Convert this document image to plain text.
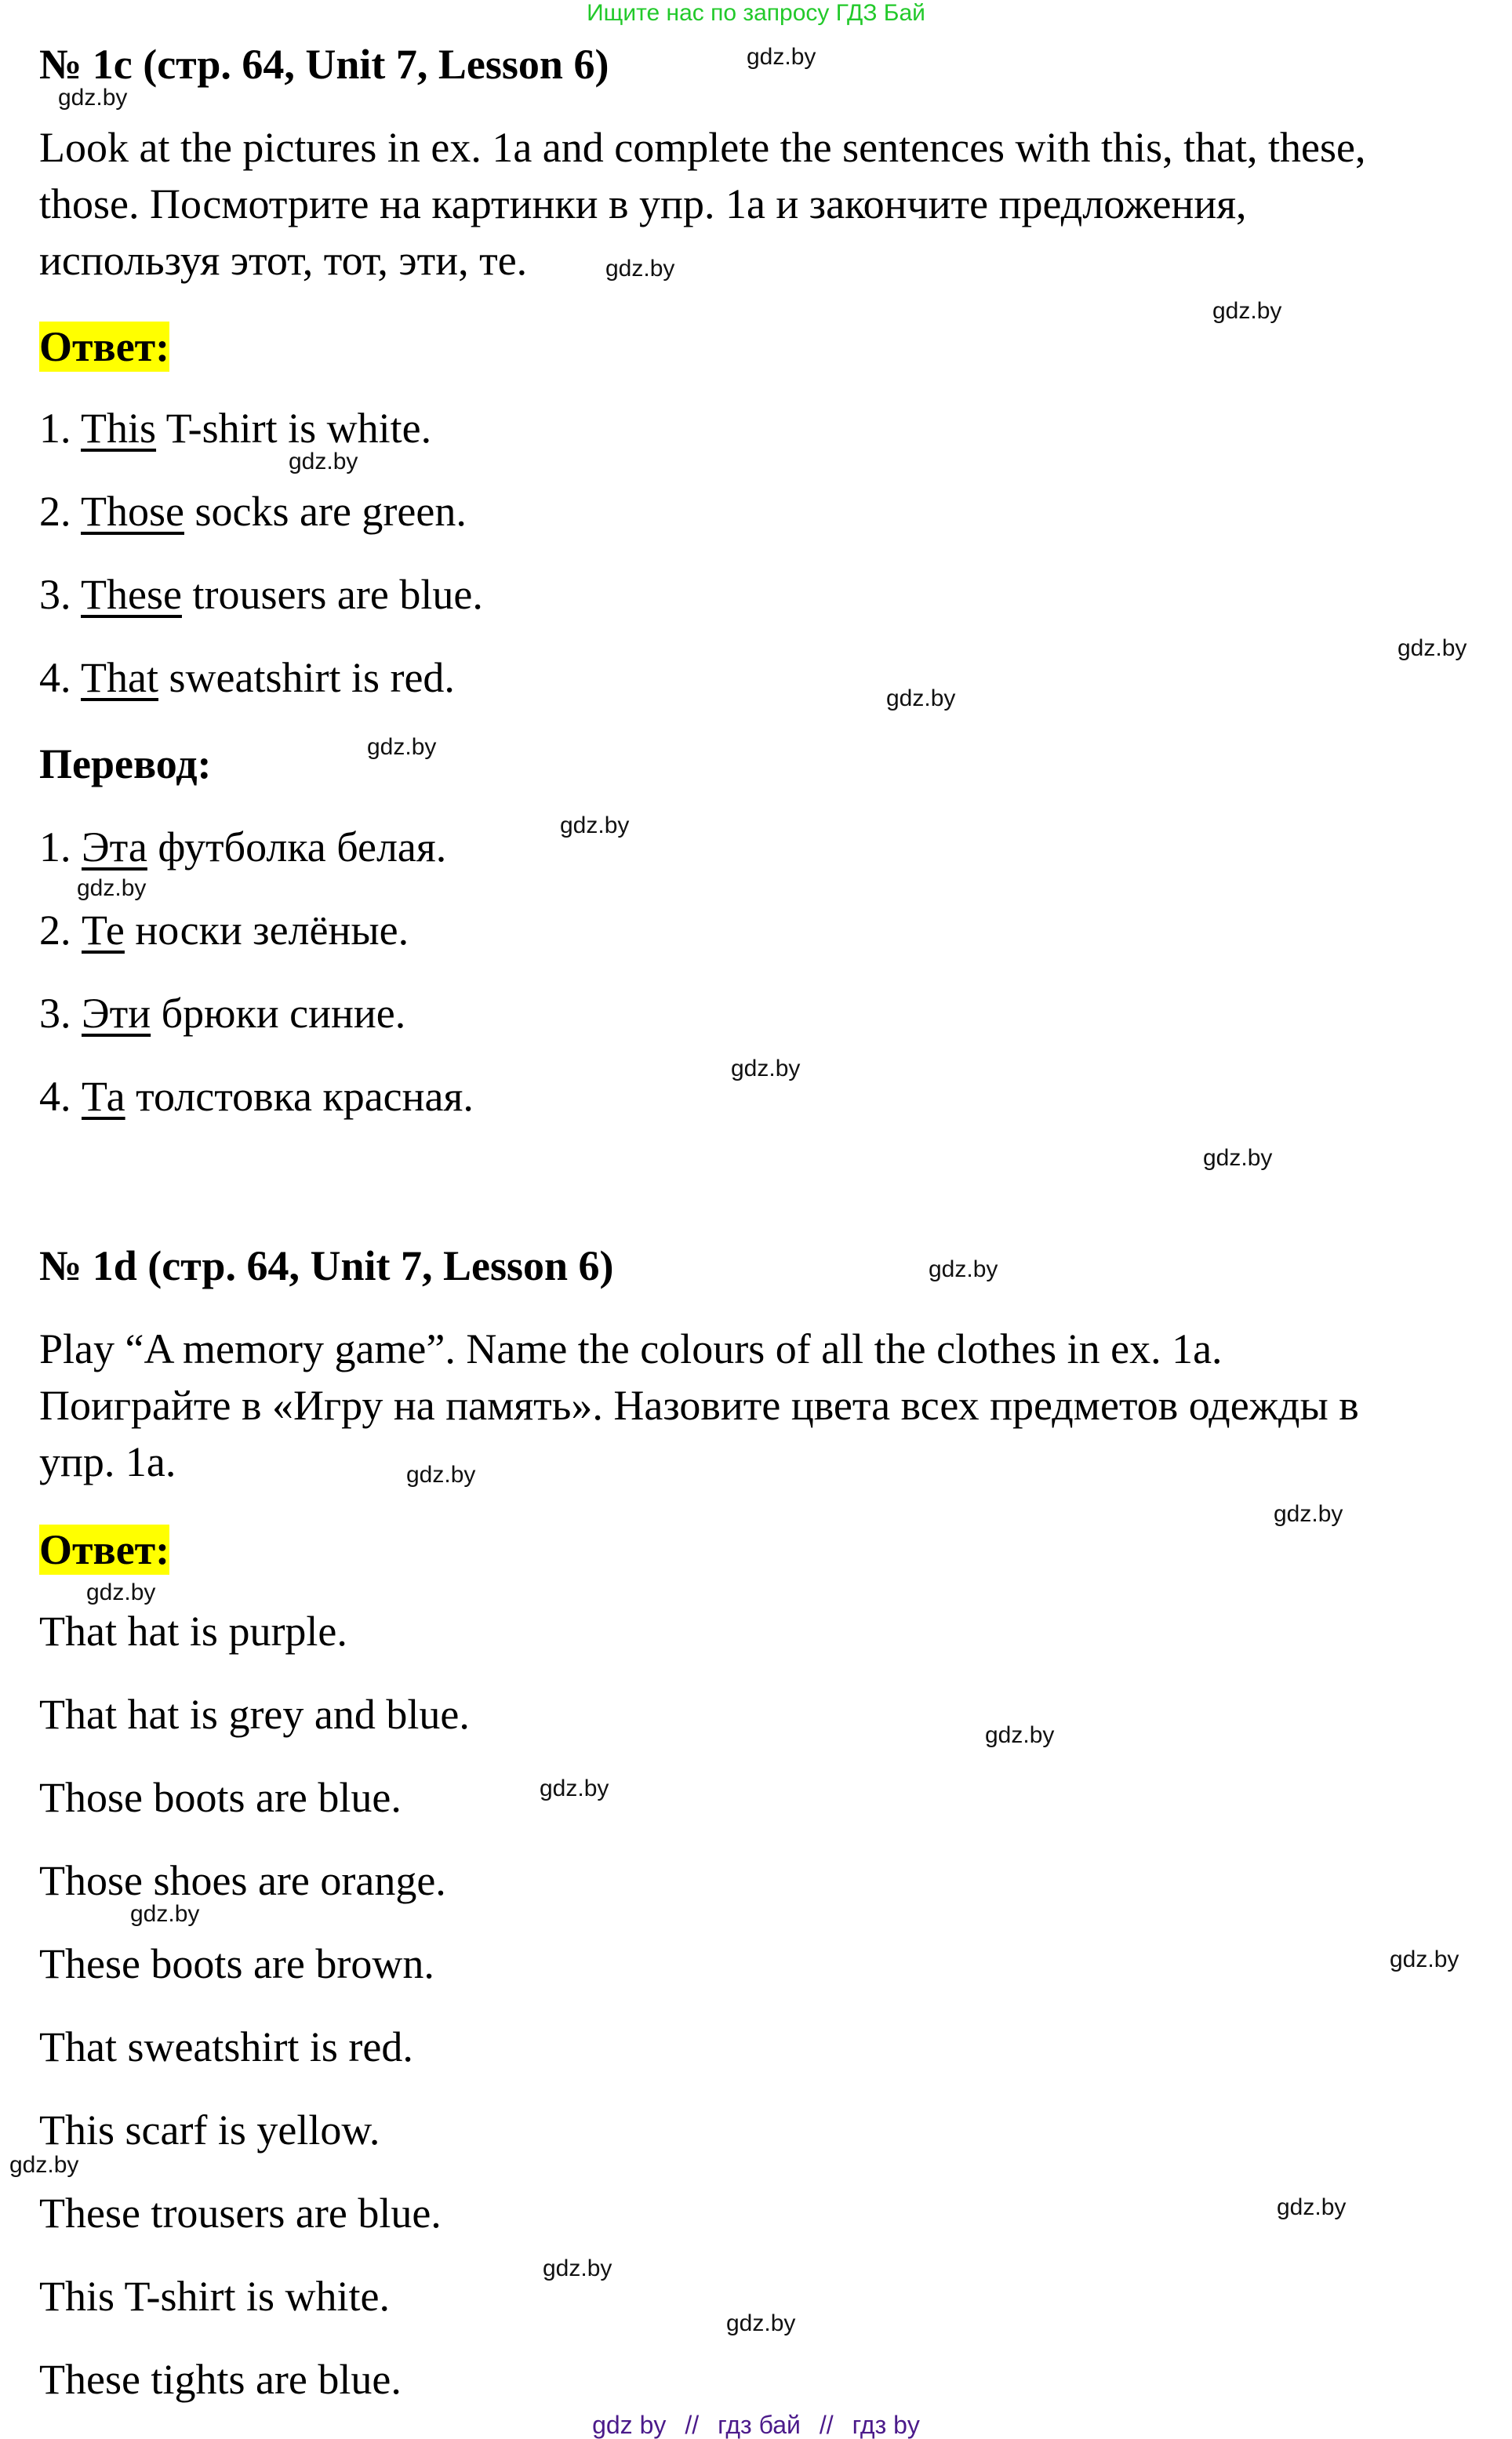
Ищите нас по запросу ГДЗ Бай
№ 1c (стр. 64, Unit 7, Lesson 6)
Look at the pictures in ex. 1a and complete the sentences with this, that, these,
those. Посмотрите на картинки в упр. 1a и закончите предложения,
используя этот, тот, эти, те.
Ответ:
1. This T-shirt is white.
2. Those socks are green.
3. These trousers are blue.
4. That sweatshirt is red.
Перевод:
1. Эта футболка белая.
2. Те носки зелёные.
3. Эти брюки синие.
4. Та толстовка красная.
№ 1d (стр. 64, Unit 7, Lesson 6)
Play “A memory game”. Name the colours of all the clothes in ex. 1a.
Поиграйте в «Игру на память». Назовите цвета всех предметов одежды в
упр. 1a.
Ответ:
That hat is purple.
That hat is grey and blue.
Those boots are blue.
Those shoes are orange.
These boots are brown.
That sweatshirt is red.
This scarf is yellow.
These trousers are blue.
This T-shirt is white.
These tights are blue.
gdz.by
gdz.by
gdz.by
gdz.by
gdz.by
gdz.by
gdz.by
gdz.by
gdz.by
gdz.by
gdz.by
gdz.by
gdz.by
gdz.by
gdz.by
gdz.by
gdz.by
gdz.by
gdz.by
gdz.by
gdz.by
gdz.by
gdz.by
gdz.by
gdz by // гдз бай // гдз by
